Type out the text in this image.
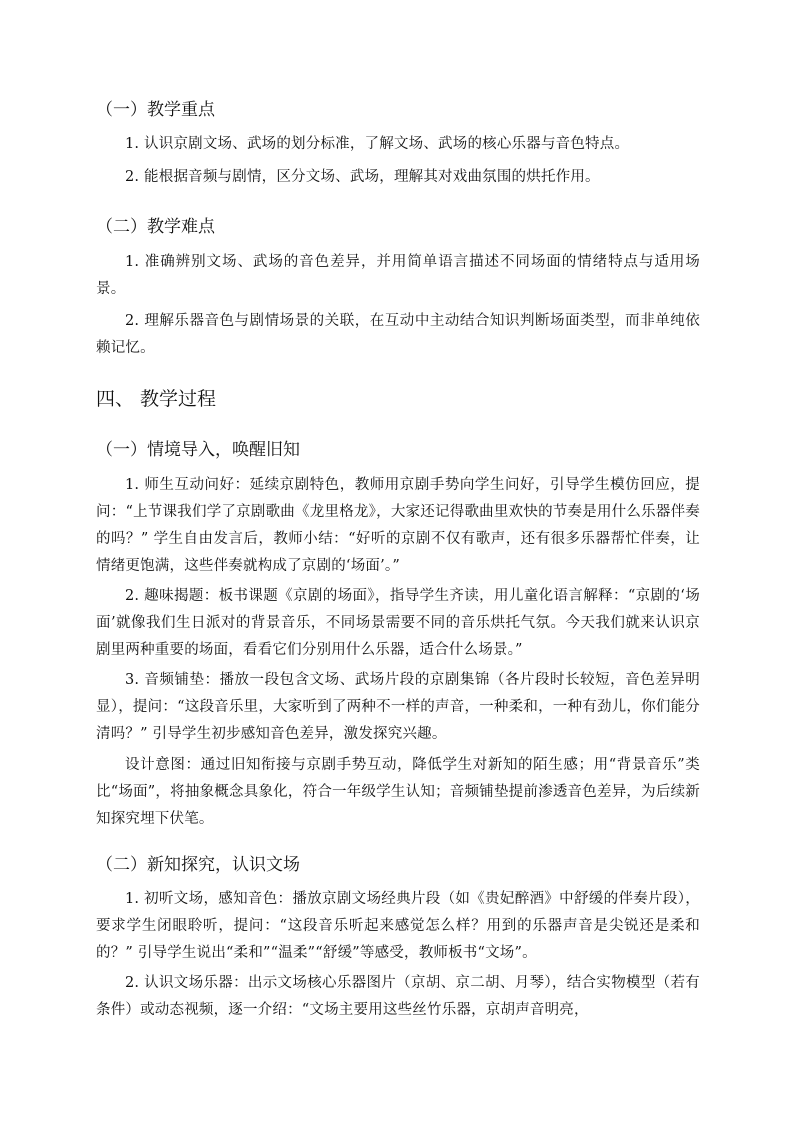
（一）教学重点

1. 认识京剧文场、武场的划分标准，了解文场、武场的核心乐器与音色特点。

2. 能根据音频与剧情，区分文场、武场，理解其对戏曲氛围的烘托作用。

（二）教学难点

1. 准确辨别文场、武场的音色差异，并用简单语言描述不同场面的情绪特点与适用场景。

2. 理解乐器音色与剧情场景的关联，在互动中主动结合知识判断场面类型，而非单纯依赖记忆。

四、 教学过程
（一）情境导入，唤醒旧知

1. 师生互动问好：延续京剧特色，教师用京剧手势向学生问好，引导学生模仿回应，提问：“上节课我们学了京剧歌曲《龙里格龙》，大家还记得歌曲里欢快的节奏是用什么乐器伴奏的吗？” 学生自由发言后，教师小结：“好听的京剧不仅有歌声，还有很多乐器帮忙伴奏，让情绪更饱满，这些伴奏就构成了京剧的‘场面’。”

2. 趣味揭题：板书课题《京剧的场面》，指导学生齐读，用儿童化语言解释：“京剧的‘场面’就像我们生日派对的背景音乐，不同场景需要不同的音乐烘托气氛。今天我们就来认识京剧里两种重要的场面，看看它们分别用什么乐器，适合什么场景。”

3. 音频铺垫：播放一段包含文场、武场片段的京剧集锦（各片段时长较短，音色差异明显），提问：“这段音乐里，大家听到了两种不一样的声音，一种柔和，一种有劲儿，你们能分清吗？” 引导学生初步感知音色差异，激发探究兴趣。

设计意图：通过旧知衔接与京剧手势互动，降低学生对新知的陌生感；用“背景音乐”类比“场面”，将抽象概念具象化，符合一年级学生认知；音频铺垫提前渗透音色差异，为后续新知探究埋下伏笔。

（二）新知探究，认识文场

1. 初听文场，感知音色：播放京剧文场经典片段（如《贵妃醉酒》中舒缓的伴奏片段），要求学生闭眼聆听，提问：“这段音乐听起来感觉怎么样？用到的乐器声音是尖锐还是柔和的？” 引导学生说出“柔和”“温柔”“舒缓”等感受，教师板书“文场”。

2. 认识文场乐器：出示文场核心乐器图片（京胡、京二胡、月琴），结合实物模型（若有条件）或动态视频，逐一介绍：“文场主要用这些丝竹乐器，京胡声音明亮，
